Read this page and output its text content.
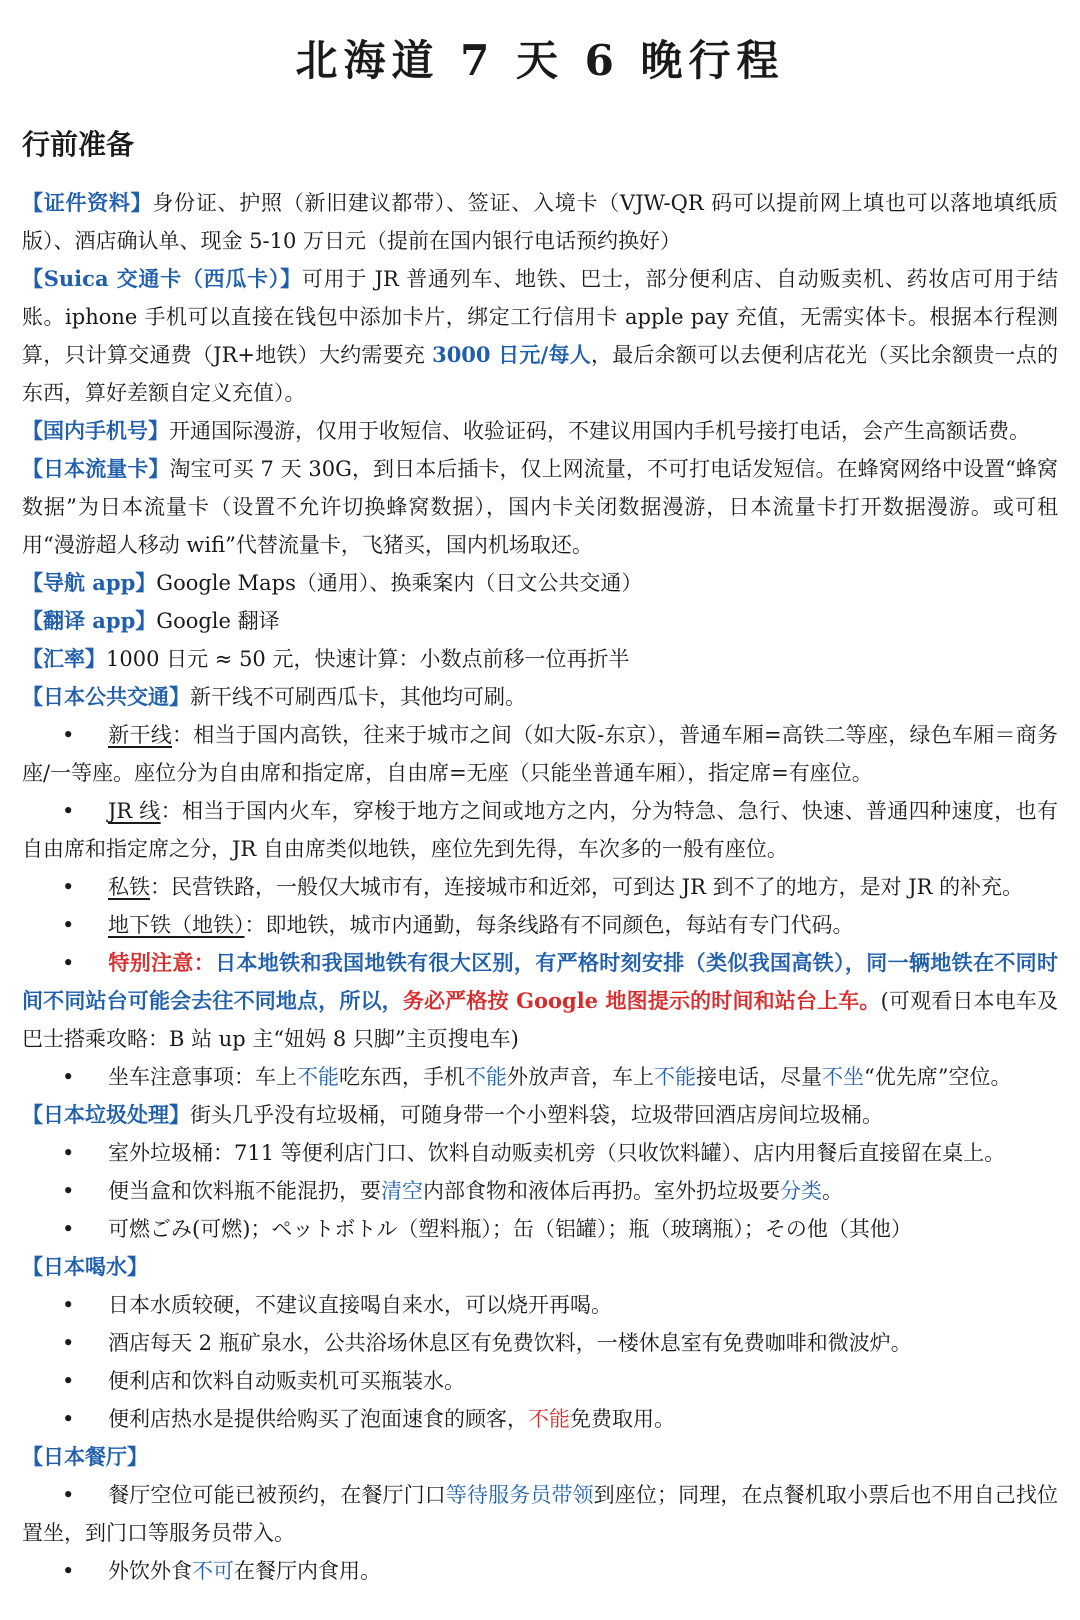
北海道 7 天 6 晚行程
行前准备

【证件资料】身份证、护照（新旧建议都带）、签证、入境卡（VJW-QR 码可以提前网上填也可以落地填纸质版）、酒店确认单、现金 5-10 万日元（提前在国内银行电话预约换好）

【Suica 交通卡（西瓜卡）】可用于 JR 普通列车、地铁、巴士，部分便利店、自动贩卖机、药妆店可用于结账。iphone 手机可以直接在钱包中添加卡片，绑定工行信用卡 apple pay 充值，无需实体卡。根据本行程测算，只计算交通费（JR+地铁）大约需要充 3000 日元/每人，最后余额可以去便利店花光（买比余额贵一点的东西，算好差额自定义充值）。

【国内手机号】开通国际漫游，仅用于收短信、收验证码，不建议用国内手机号接打电话，会产生高额话费。

【日本流量卡】淘宝可买 7 天 30G，到日本后插卡，仅上网流量，不可打电话发短信。在蜂窝网络中设置“蜂窝数据”为日本流量卡（设置不允许切换蜂窝数据），国内卡关闭数据漫游，日本流量卡打开数据漫游。或可租用“漫游超人移动 wifi”代替流量卡，飞猪买，国内机场取还。

【导航 app】Google Maps（通用）、换乘案内（日文公共交通）

【翻译 app】Google 翻译

【汇率】1000 日元 ≈ 50 元，快速计算：小数点前移一位再折半

【日本公共交通】新干线不可刷西瓜卡，其他均可刷。

• 新干线：相当于国内高铁，往来于城市之间（如大阪-东京），普通车厢=高铁二等座，绿色车厢＝商务座/一等座。座位分为自由席和指定席，自由席=无座（只能坐普通车厢），指定席=有座位。

• JR 线：相当于国内火车，穿梭于地方之间或地方之内，分为特急、急行、快速、普通四种速度，也有自由席和指定席之分，JR 自由席类似地铁，座位先到先得，车次多的一般有座位。

• 私铁：民营铁路，一般仅大城市有，连接城市和近郊，可到达 JR 到不了的地方，是对 JR 的补充。

• 地下铁（地铁）：即地铁，城市内通勤，每条线路有不同颜色，每站有专门代码。

• 特别注意：日本地铁和我国地铁有很大区别，有严格时刻安排（类似我国高铁），同一辆地铁在不同时间不同站台可能会去往不同地点，所以，务必严格按 Google 地图提示的时间和站台上车。(可观看日本电车及巴士搭乘攻略：B 站 up 主“妞妈 8 只脚”主页搜电车)

• 坐车注意事项：车上不能吃东西，手机不能外放声音，车上不能接电话，尽量不坐“优先席”空位。

【日本垃圾处理】街头几乎没有垃圾桶，可随身带一个小塑料袋，垃圾带回酒店房间垃圾桶。

• 室外垃圾桶：711 等便利店门口、饮料自动贩卖机旁（只收饮料罐）、店内用餐后直接留在桌上。

• 便当盒和饮料瓶不能混扔，要清空内部食物和液体后再扔。室外扔垃圾要分类。

• 可燃ごみ(可燃)；ペットボトル（塑料瓶）；缶（铝罐）；瓶（玻璃瓶）；その他（其他）

【日本喝水】

• 日本水质较硬，不建议直接喝自来水，可以烧开再喝。

• 酒店每天 2 瓶矿泉水，公共浴场休息区有免费饮料，一楼休息室有免费咖啡和微波炉。

• 便利店和饮料自动贩卖机可买瓶装水。

• 便利店热水是提供给购买了泡面速食的顾客，不能免费取用。

【日本餐厅】

• 餐厅空位可能已被预约，在餐厅门口等待服务员带领到座位；同理，在点餐机取小票后也不用自己找位置坐，到门口等服务员带入。

• 外饮外食不可在餐厅内食用。
